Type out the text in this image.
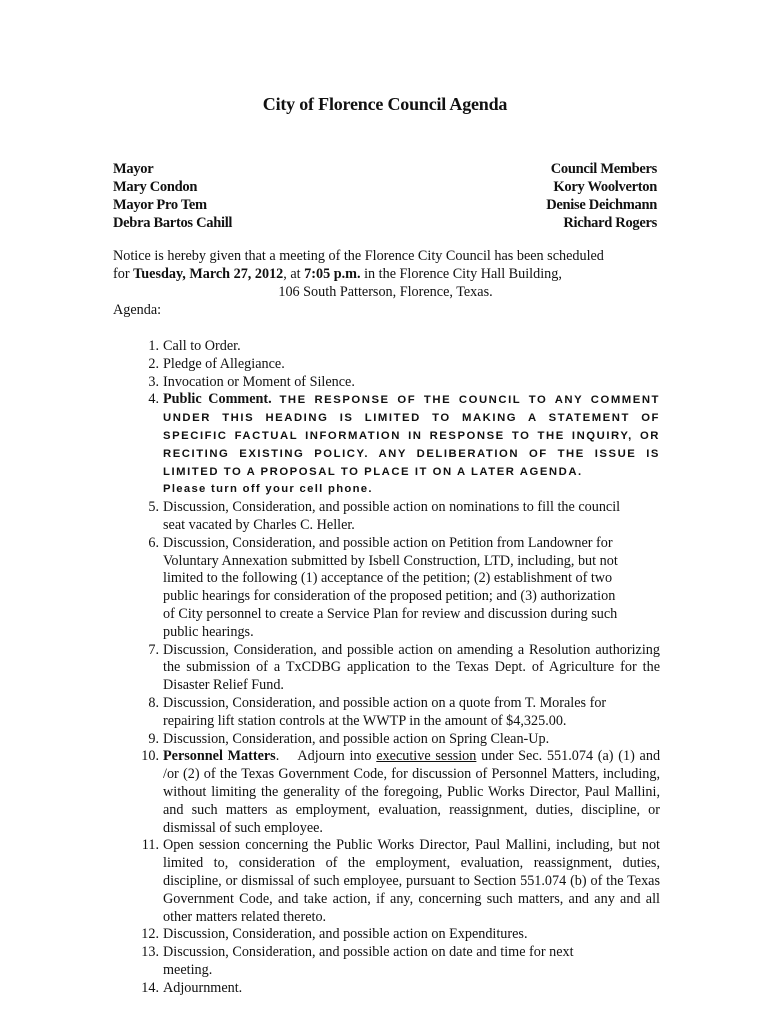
City of Florence Council Agenda
Mayor
Mary Condon
Mayor Pro Tem
Debra Bartos Cahill
Council Members
Kory Woolverton
Denise Deichmann
Richard Rogers

Notice is hereby given that a meeting of the Florence City Council has been scheduled

for Tuesday, March 27, 2012, at 7:05 p.m. in the Florence City Hall Building,

106 South Patterson, Florence, Texas.

Agenda:
1. Call to Order.
2. Pledge of Allegiance.
3. Invocation or Moment of Silence.
4. Public Comment. THE RESPONSE OF THE COUNCIL TO ANY COMMENT UNDER THIS HEADING IS LIMITED TO MAKING A STATEMENT OF SPECIFIC FACTUAL INFORMATION IN RESPONSE TO THE INQUIRY, OR RECITING EXISTING POLICY. ANY DELIBERATION OF THE ISSUE IS LIMITED TO A PROPOSAL TO PLACE IT ON A LATER AGENDA.
Please turn off your cell phone.
5. Discussion, Consideration, and possible action on nominations to fill the council
seat vacated by Charles C. Heller.
6. Discussion, Consideration, and possible action on Petition from Landowner for
Voluntary Annexation submitted by Isbell Construction, LTD, including, but not
limited to the following (1) acceptance of the petition; (2) establishment of two
public hearings for consideration of the proposed petition; and (3) authorization
of City personnel to create a Service Plan for review and discussion during such
public hearings.
7. Discussion, Consideration, and possible action on amending a Resolution authorizing the submission of a TxCDBG application to the Texas Dept. of Agriculture for the Disaster Relief Fund.
8. Discussion, Consideration, and possible action on a quote from T. Morales for
repairing lift station controls at the WWTP in the amount of $4,325.00.
9. Discussion, Consideration, and possible action on Spring Clean-Up.
10. Personnel Matters. Adjourn into executive session under Sec. 551.074 (a) (1) and /or (2) of the Texas Government Code, for discussion of Personnel Matters, including, without limiting the generality of the foregoing, Public Works Director, Paul Mallini, and such matters as employment, evaluation, reassignment, duties, discipline, or dismissal of such employee.
11. Open session concerning the Public Works Director, Paul Mallini, including, but not limited to, consideration of the employment, evaluation, reassignment, duties, discipline, or dismissal of such employee, pursuant to Section 551.074 (b) of the Texas Government Code, and take action, if any, concerning such matters, and any and all other matters related thereto.
12. Discussion, Consideration, and possible action on Expenditures.
13. Discussion, Consideration, and possible action on date and time for next
meeting.
14. Adjournment.
